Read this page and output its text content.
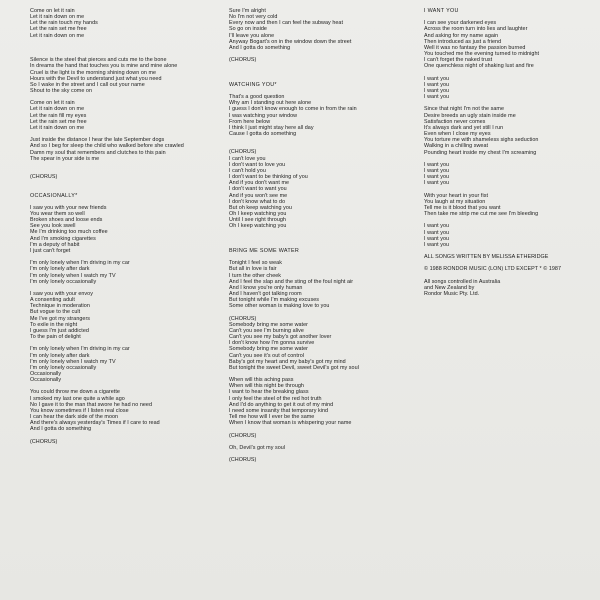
Come on let it rain
Let it rain down on me
Let the rain touch my hands
Let the rain set me free
Let it rain down on me
Silence is the steel that pierces and cuts me to the bone
In dreams the hand that touches you is mine and mine alone
Cruel is the light is the morning shining down on me
Hours with the Devil to understand just what you need
So I wake in the street and I call out your name
Shout to the sky come on
Come on let it rain
Let it rain down on me
Let the rain fill my eyes
Let the rain set me free
Let it rain down on me
Just inside the distance I hear the late September dogs
And so I beg for sleep the child who walked before she crawled
Damn my soul that remembers and clutches to this pain
The spear in your side is me
(CHORUS)
OCCASIONALLY*
I saw you with your new friends
You wear them so well
Broken shoes and loose ends
See you look swell
Me I'm drinking too much coffee
And I'm smoking cigarettes
I'm a deputy of habit
I just can't forget
I'm only lonely when I'm driving in my car
I'm only lonely after dark
I'm only lonely when I watch my TV
I'm only lonely occasionally
I saw you with your envoy
A consenting adult
Technique in moderation
But vogue to the cult
Me I've got my strangers
To exile in the night
I guess I'm just addicted
To the pain of delight
I'm only lonely when I'm driving in my car
I'm only lonely after dark
I'm only lonely when I watch my TV
I'm only lonely occasionally
Occasionally
Occasionally
You could throw me down a cigarette
I smoked my last one quite a while ago
No I gave it to the man that swore he had no need
You know sometimes if I listen real close
I can hear the dark side of the moon
And there's always yesterday's Times if I care to read
And I gotta do something
(CHORUS)
Sure I'm alright
No I'm not very cold
Every now and then I can feel the subway heat
So go on inside
I'll leave you alone
Anyway Bogart's on in the window down the street
And I gotta do something
(CHORUS)
WATCHING YOU*
That's a good question
Why am I standing out here alone
I guess I don't know enough to come in from the rain
I was watching your window
From here below
I think I just might stay here all day
Cause I gotta do something
(CHORUS)
I can't love you
I don't want to love you
I can't hold you
I don't want to be thinking of you
And if you don't want me
I don't want to want you
And if you won't see me
I don't know what to do
But oh keep watching you
Oh I keep watching you
Until I see right through
Oh I keep watching you
BRING ME SOME WATER
Tonight I feel so weak
But all in love is fair
I turn the other cheek
And I feel the slap and the sting of the foul night air
And I know you're only human
And I haven't got talking room
But tonight while I'm making excuses
Some other woman is making love to you
(CHORUS)
Somebody bring me some water
Can't you see I'm burning alive
Can't you see my baby's got another lover
I don't know how I'm gonna survive
Somebody bring me some water
Can't you see it's out of control
Baby's got my heart and my baby's got my mind
But tonight the sweet Devil, sweet Devil's got my soul
When will this aching pass
When will this night be through
I want to hear the breaking glass
I only feel the steel of the red hot truth
And I'd do anything to get it out of my mind
I need some insanity that temporary kind
Tell me how will I ever be the same
When I know that woman is whispering your name
(CHORUS)
Oh, Devil's got my soul
(CHORUS)
I WANT YOU
I can see your darkened eyes
Across the room turn into lies and laughter
And asking for my name again
Then introduced as just a friend
Well it was no fantasy the passion burned
You touched me the evening turned to midnight
I can't forget the naked trust
One quenchless night of shaking lust and fire
I want you
I want you
I want you
I want you
Since that night I'm not the same
Desire breeds an ugly stain inside me
Satisfaction never comes
It's always dark and yet still I run
Even when I close my eyes
You torture me with shameless sighs seduction
Walking in a chilling sweat
Pounding heart inside my chest I'm screaming
I want you
I want you
I want you
I want you
With your heart in your fist
You laugh at my situation
Tell me is it blood that you want
Then take me strip me cut me see I'm bleeding
I want you
I want you
I want you
I want you
ALL SONGS WRITTEN BY MELISSA ETHERIDGE
© 1988 RONDOR MUSIC (LON) LTD EXCEPT * © 1987
All songs controlled in Australia
and New Zealand by
Rondor Music Pty. Ltd.
